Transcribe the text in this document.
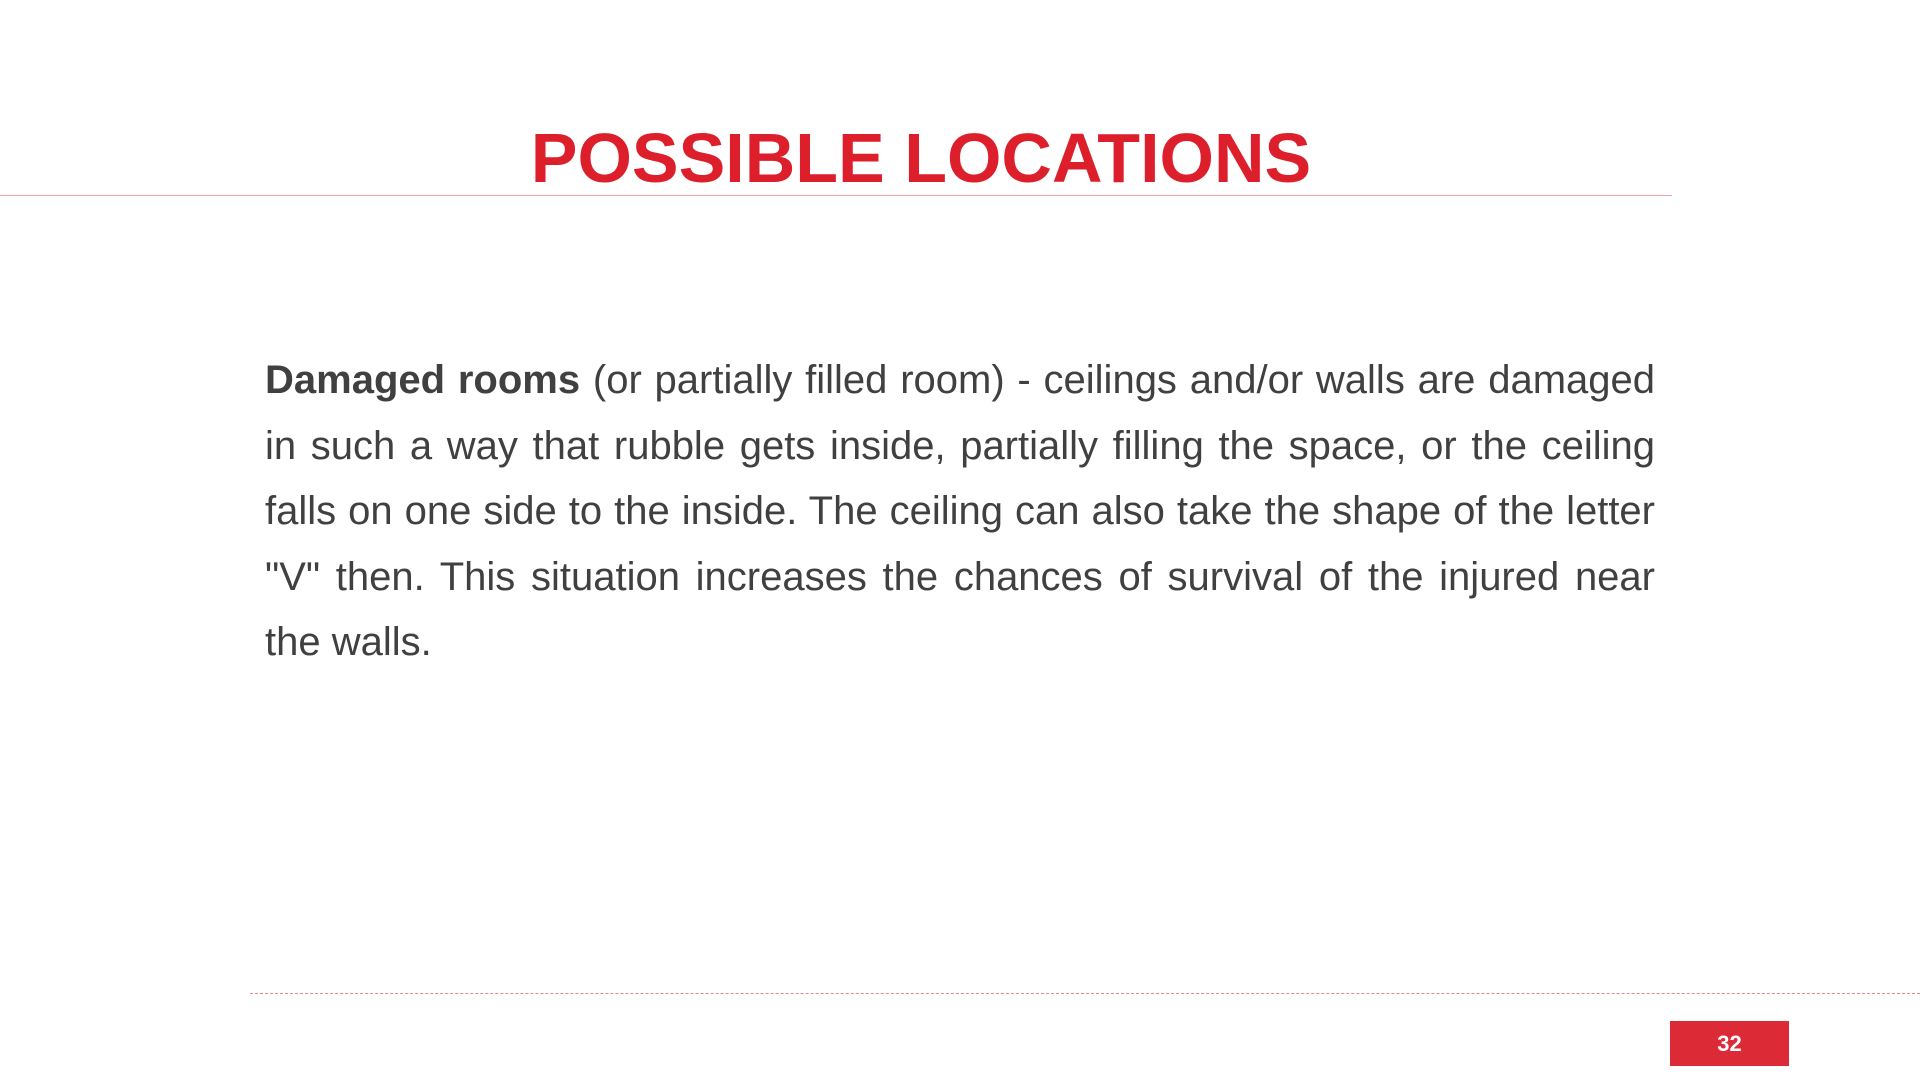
POSSIBLE LOCATIONS

Damaged rooms (or partially filled room) - ceilings and/or walls are damaged in such a way that rubble gets inside, partially filling the space, or the ceiling falls on one side to the inside. The ceiling can also take the shape of the letter "V" then. This situation increases the chances of survival of the injured near the walls.

32
